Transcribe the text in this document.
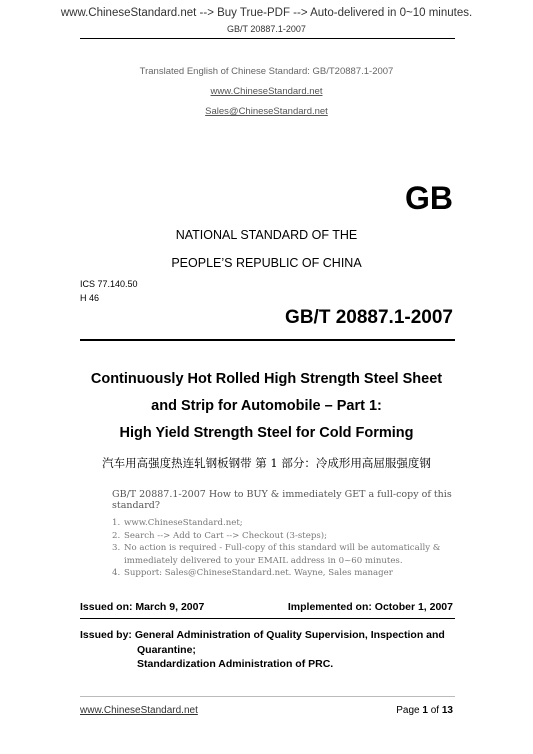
www.ChineseStandard.net --> Buy True-PDF --> Auto-delivered in 0~10 minutes.
GB/T 20887.1-2007
Translated English of Chinese Standard: GB/T20887.1-2007
www.ChineseStandard.net
Sales@ChineseStandard.net
GB
NATIONAL STANDARD OF THE
PEOPLE’S REPUBLIC OF CHINA
ICS 77.140.50
H 46
GB/T 20887.1-2007
Continuously Hot Rolled High Strength Steel Sheet
and Strip for Automobile – Part 1:
High Yield Strength Steel for Cold Forming
汽车用高强度热连轧钢板钢带 第 1 部分：冷成形用高屈服强度钢
GB/T 20887.1-2007 How to BUY & immediately GET a full-copy of this standard?
1. www.ChineseStandard.net;
2. Search --> Add to Cart --> Checkout (3-steps);
3. No action is required - Full-copy of this standard will be automatically &
immediately delivered to your EMAIL address in 0~60 minutes.
4. Support: Sales@ChineseStandard.net. Wayne, Sales manager
Issued on: March 9, 2007	Implemented on: October 1, 2007
Issued by: General Administration of Quality Supervision, Inspection and
Quarantine;
Standardization Administration of PRC.
www.ChineseStandard.net	Page 1 of 13
